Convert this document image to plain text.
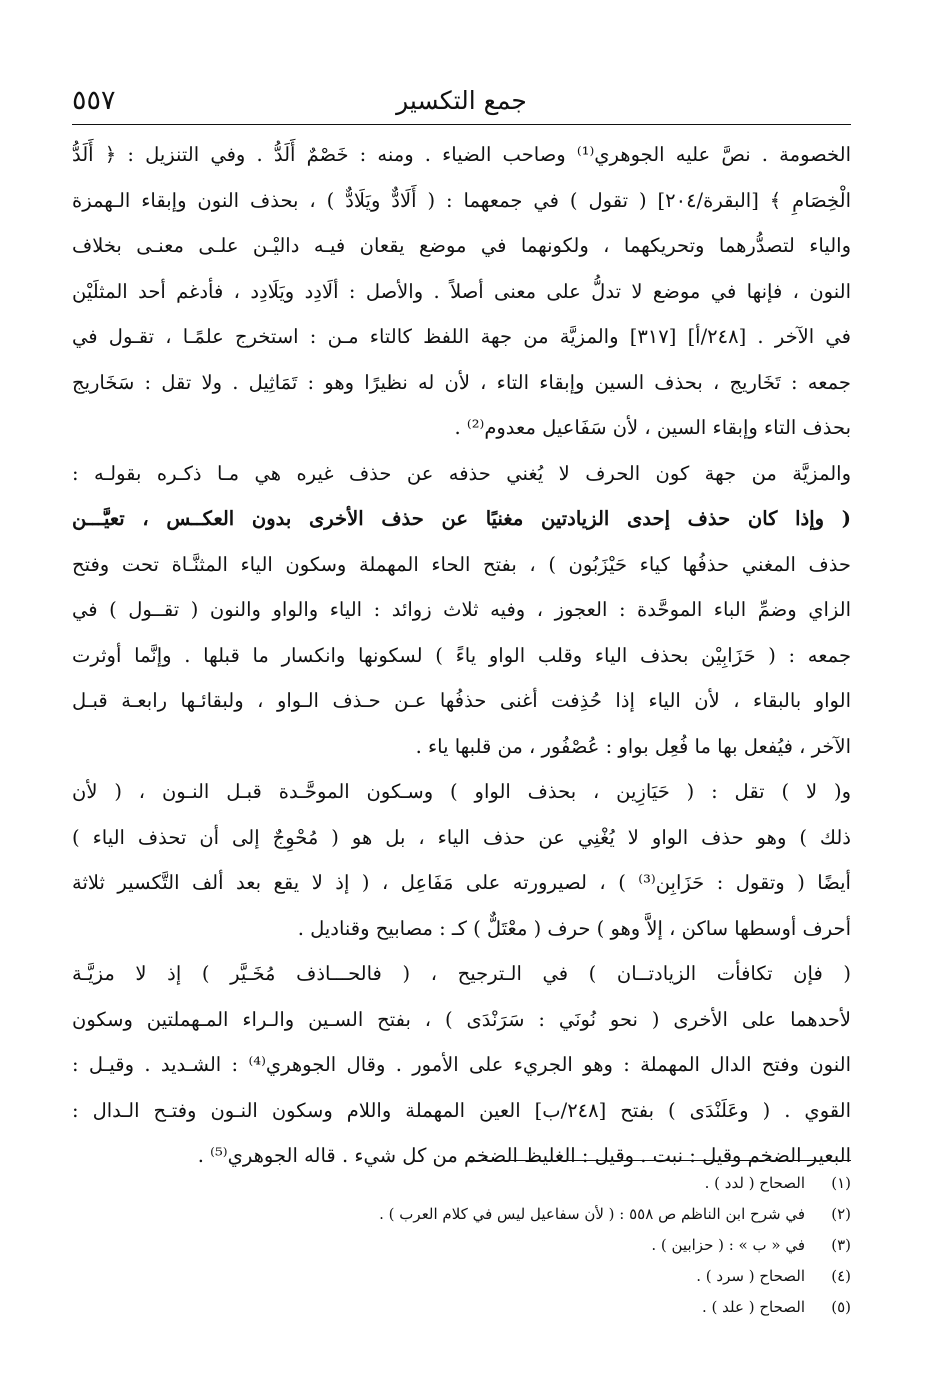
جمع التكسير
٥٥٧
الخصومة . نصَّ عليه الجوهري⁽¹⁾ وصاحب الضياء . ومنه : خَصْمٌ أَلَدُّ . وفي التنزيل : ﴿ أَلَدُّ
الْخِصَامِ ﴾ [البقرة/٢٠٤] ( تقول ) في جمعهما : ( أَلَادٌّ ويَلَادٌّ ) ، بحذف النون وإبقاء الـهمزة
والياء لتصدُّرهما وتحريكهما ، ولكونهما في موضع يقعان فيـه داليْـن علـى معنـى بخلاف
النون ، فإنها في موضع لا تدلُّ على معنى أصلاً . والأصل : ألَادِد ويَلَادِد ، فأدغم أحد المثلَيْن
في الآخر . [٢٤٨/أ] [٣١٧] والمزيَّة من جهة اللفظ كالتاء مـن : استخرج علمًـا ، تقـول في
جمعه : تَخَاريج ، بحذف السين وإبقاء التاء ، لأن له نظيرًا وهو : تَمَاثِيل . ولا تقل : سَخَاريج
بحذف التاء وإبقاء السين ، لأن سَفَاعيل معدوم⁽²⁾ .
والمزيَّة من جهة كون الحرف لا يُغني حذفه عن حذف غيره هي مـا ذكـره بقولـه :
( وإذا كان حذف إحدى الزيادتين مغنيًا عن حذف الأخرى بدون العكــس ، تعيَّـــن
حذف المغني حذفُها كياء حَيْزَبُون ) ، بفتح الحاء المهملة وسكون الياء المثنَّـاة تحت وفتح
الزاي وضمِّ الباء الموحَّدة : العجوز ، وفيه ثلاث زوائد : الياء والواو والنون ( تقــول ) في
جمعه : ( حَزَابِيْن بحذف الياء وقلب الواو ياءً ) لسكونها وانكسار ما قبلها . وإنَّما أوثرت
الواو بالبقاء ، لأن الياء إذا حُذِفت أغنى حذفُها عـن حـذف الـواو ، ولبقائـها رابعـة قبـل
الآخر ، فيُفعل بها ما فُعِل بواو : عُصْفُور ، من قلبها ياء .
و( لا ) تقل : ( حَيَازِين ، بحذف الواو ) وسـكون الموحَّـدة قبـل النـون ، ( لأن
ذلك ) وهو حذف الواو لا يُغْنِي عن حذف الياء ، بل هو ( مُحْوِجٌ إلى أن تحذف الياء )
أيضًا ( وتقول : حَزَابِن⁽³⁾ ) ، لصيرورته على مَفَاعِل ، ( إذ لا يقع بعد ألف التَّكسير ثلاثة
أحرف أوسطها ساكن ، إلاَّ وهو ) حرف ( معْتَلٌّ ) كـ : مصابيح وقناديل .
( فإن تكافأت الزيادتــان ) في الـترجيح ، ( فالحـــاذف مُخَـيَّر ) إذ لا مزيَّـة
لأحدهما على الأخرى ( نحو نُونَي : سَرَنْدَى ) ، بفتح السـين والـراء المـهملتين وسكون
النون وفتح الدال المهملة : وهو الجريء على الأمور . وقال الجوهري⁽⁴⁾ : الشـديد . وقيـل :
القوي . ( وعَلَنْدَى ) بفتح [٢٤٨/ب] العين المهملة واللام وسكون النـون وفتـح الـدال :
البعير الضخم وقيل : نبت . وقيل : الغليظ الضخم من كل شيء . قاله الجوهري⁽⁵⁾ .
(١)
الصحاح ( لدد ) .
(٢)
في شرح ابن الناظم ص ٥٥٨ : ( لأن سفاعيل ليس في كلام العرب ) .
(٣)
في « ب » : ( حزابين ) .
(٤)
الصحاح ( سرد ) .
(٥)
الصحاح ( علد ) .
